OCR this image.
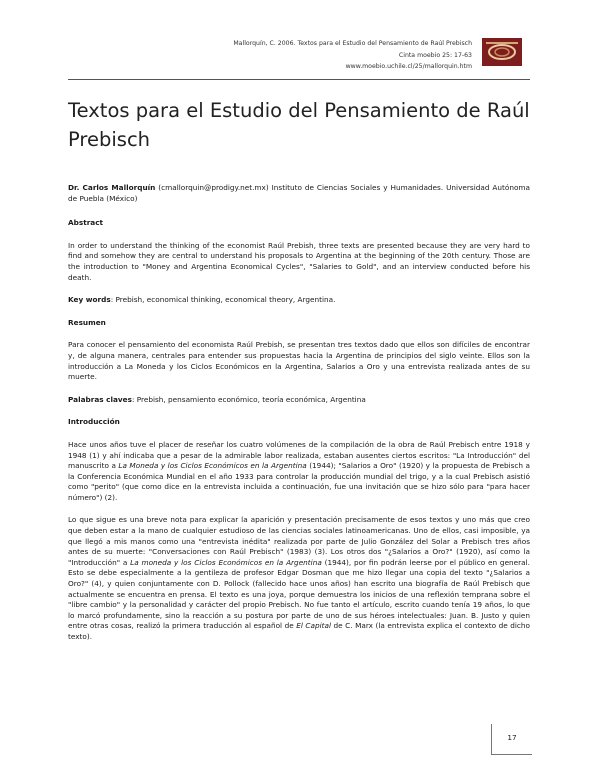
Mallorquín, C. 2006. Textos para el Estudio del Pensamiento de Raúl Prebisch
Cinta moebio 25: 17-63
www.moebio.uchile.cl/25/mallorquin.htm
Textos para el Estudio del Pensamiento de Raúl Prebisch

Dr. Carlos Mallorquín (cmallorquin@prodigy.net.mx) Instituto de Ciencias Sociales y Humanidades. Universidad Autónoma de Puebla (México)

Abstract

In order to understand the thinking of the economist Raúl Prebish, three texts are presented because they are very hard to find and somehow they are central to understand his proposals to Argentina at the beginning of the 20th century. Those are the introduction to "Money and Argentina Economical Cycles", "Salaries to Gold", and an interview conducted before his death.

Key words: Prebish, economical thinking, economical theory, Argentina.

Resumen

Para conocer el pensamiento del economista Raúl Prebish, se presentan tres textos dado que ellos son difíciles de encontrar y, de alguna manera, centrales para entender sus propuestas hacia la Argentina de principios del siglo veinte. Ellos son la introducción a La Moneda y los Ciclos Económicos en la Argentina, Salarios a Oro y una entrevista realizada antes de su muerte.

Palabras claves: Prebish, pensamiento económico, teoría económica, Argentina

Introducción

Hace unos años tuve el placer de reseñar los cuatro volúmenes de la compilación de la obra de Raúl Prebisch entre 1918 y 1948 (1) y ahí indicaba que a pesar de la admirable labor realizada, estaban ausentes ciertos escritos: "La Introducción" del manuscrito a La Moneda y los Ciclos Económicos en la Argentina (1944); "Salarios a Oro" (1920) y la propuesta de Prebisch a la Conferencia Económica Mundial en el año 1933 para controlar la producción mundial del trigo, y a la cual Prebisch asistió como "perito" (que como dice en la entrevista incluida a continuación, fue una invitación que se hizo sólo para "para hacer número") (2).

Lo que sigue es una breve nota para explicar la aparición y presentación precisamente de esos textos y uno más que creo que deben estar a la mano de cualquier estudioso de las ciencias sociales latinoamericanas. Uno de ellos, casi imposible, ya que llegó a mis manos como una "entrevista inédita" realizada por parte de Julio González del Solar a Prebisch tres años antes de su muerte: "Conversaciones con Raúl Prebisch" (1983) (3). Los otros dos "¿Salarios a Oro?" (1920), así como la "Introducción" a La moneda y los Ciclos Económicos en la Argentina (1944), por fin podrán leerse por el público en general. Esto se debe especialmente a la gentileza de profesor Edgar Dosman que me hizo llegar una copia del texto "¿Salarios a Oro?" (4), y quien conjuntamente con D. Pollock (fallecido hace unos años) han escrito una biografía de Raúl Prebisch que actualmente se encuentra en prensa. El texto es una joya, porque demuestra los inicios de una reflexión temprana sobre el "libre cambio" y la personalidad y carácter del propio Prebisch. No fue tanto el artículo, escrito cuando tenía 19 años, lo que lo marcó profundamente, sino la reacción a su postura por parte de uno de sus héroes intelectuales: Juan. B. Justo y quien entre otras cosas, realizó la primera traducción al español de El Capital de C. Marx (la entrevista explica el contexto de dicho texto).

17
